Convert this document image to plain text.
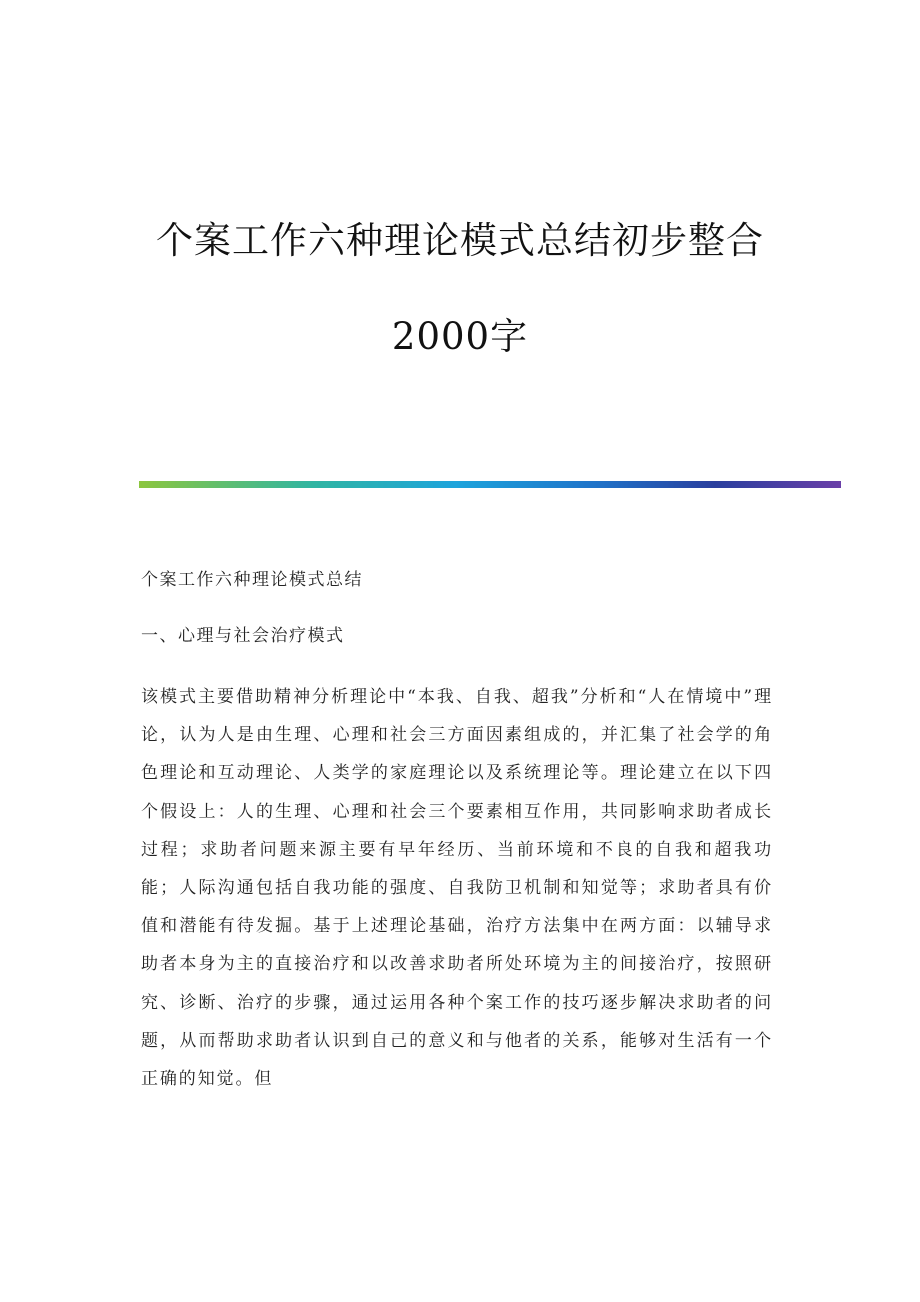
个案工作六种理论模式总结初步整合
2000字
个案工作六种理论模式总结
一、心理与社会治疗模式
该模式主要借助精神分析理论中“本我、自我、超我”分析和“人在情境中”理论，认为人是由生理、心理和社会三方面因素组成的，并汇集了社会学的角色理论和互动理论、人类学的家庭理论以及系统理论等。理论建立在以下四个假设上：人的生理、心理和社会三个要素相互作用，共同影响求助者成长过程；求助者问题来源主要有早年经历、当前环境和不良的自我和超我功能；人际沟通包括自我功能的强度、自我防卫机制和知觉等；求助者具有价值和潜能有待发掘。基于上述理论基础，治疗方法集中在两方面：以辅导求助者本身为主的直接治疗和以改善求助者所处环境为主的间接治疗，按照研究、诊断、治疗的步骤，通过运用各种个案工作的技巧逐步解决求助者的问题，从而帮助求助者认识到自己的意义和与他者的关系，能够对生活有一个正确的知觉。但
